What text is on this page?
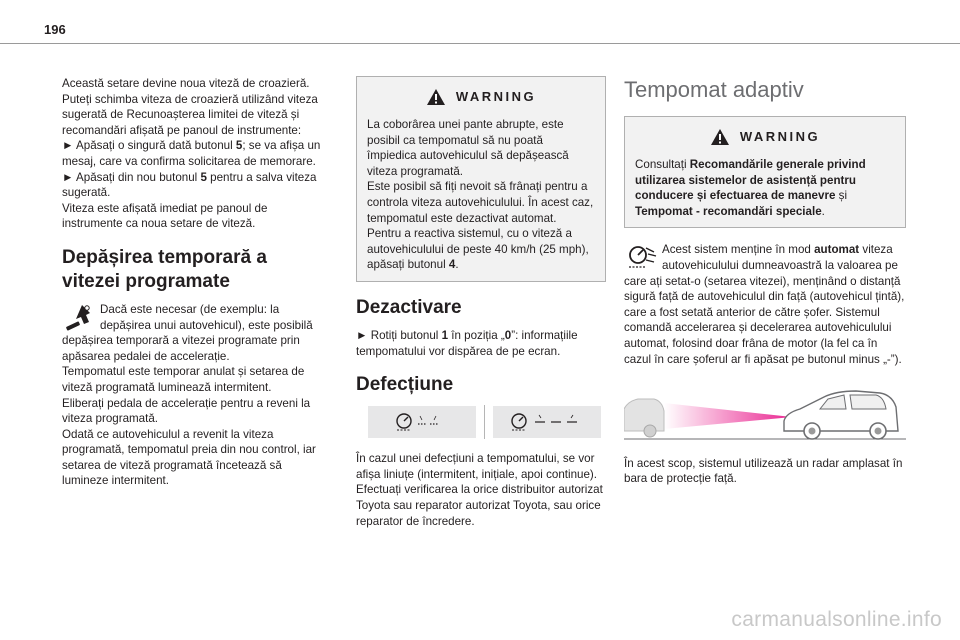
196

Această setare devine noua viteză de croazieră.

Puteți schimba viteza de croazieră utilizând viteza sugerată de Recunoașterea limitei de viteză și recomandări afișată pe panoul de instrumente:

► Apăsați o singură dată butonul 5; se va afișa un mesaj, care va confirma solicitarea de memorare.

► Apăsați din nou butonul 5 pentru a salva viteza sugerată.

Viteza este afișată imediat pe panoul de instrumente ca noua setare de viteză.

Depășirea temporară a vitezei programate

Dacă este necesar (de exemplu: la depășirea unui autovehicul), este posibilă depășirea temporară a vitezei programate prin apăsarea pedalei de accelerație.

Tempomatul este temporar anulat și setarea de viteză programată luminează intermitent.

Eliberați pedala de accelerație pentru a reveni la viteza programată.

Odată ce autovehiculul a revenit la viteza programată, tempomatul preia din nou control, iar setarea de viteză programată încetează să lumineze intermitent.

WARNING

La coborârea unei pante abrupte, este posibil ca tempomatul să nu poată împiedica autovehiculul să depășească viteza programată.

Este posibil să fiți nevoit să frânați pentru a controla viteza autovehiculului. În acest caz, tempomatul este dezactivat automat.

Pentru a reactiva sistemul, cu o viteză a autovehiculului de peste 40 km/h (25 mph), apăsați butonul 4.

Dezactivare

► Rotiți butonul 1 în poziția „0”: informațiile tempomatului vor dispărea de pe ecran.

Defecțiune

În cazul unei defecțiuni a tempomatului, se vor afișa liniuțe (intermitent, inițiale, apoi continue). Efectuați verificarea la orice distribuitor autorizat Toyota sau reparator autorizat Toyota, sau orice reparator de încredere.

Tempomat adaptiv
WARNING

Consultați Recomandările generale privind utilizarea sistemelor de asistență pentru conducere și efectuarea de manevre și Tempomat - recomandări speciale.

Acest sistem menține în mod automat viteza autovehiculului dumneavoastră la valoarea pe care ați setat-o (setarea vitezei), menținând o distanță sigură față de autovehiculul din față (autovehicul țintă), care a fost setată anterior de către șofer. Sistemul comandă accelerarea și decelerarea autovehiculului automat, folosind doar frâna de motor (la fel ca în cazul în care șoferul ar fi apăsat pe butonul minus „-”).

În acest scop, sistemul utilizează un radar amplasat în bara de protecție față.

carmanualsonline.info
